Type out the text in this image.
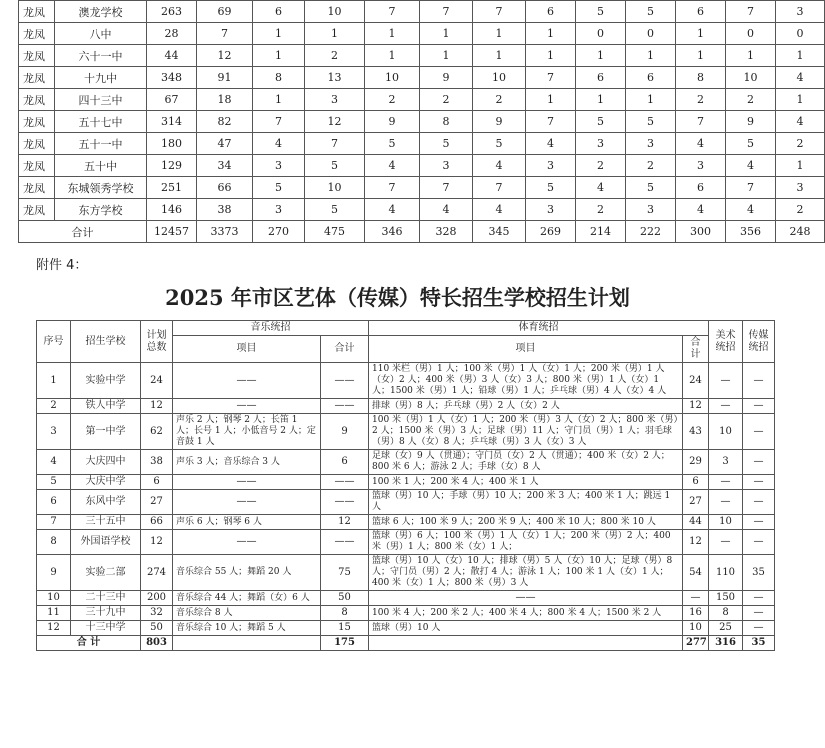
龙凤	澳龙学校	263	69	6	10	7	7	7	6	5	5	6	7	3
龙凤	八中	28	7	1	1	1	1	1	1	0	0	1	0	0
龙凤	六十一中	44	12	1	2	1	1	1	1	1	1	1	1	1
龙凤	十九中	348	91	8	13	10	9	10	7	6	6	8	10	4
龙凤	四十三中	67	18	1	3	2	2	2	1	1	1	2	2	1
龙凤	五十七中	314	82	7	12	9	8	9	7	5	5	7	9	4
龙凤	五十一中	180	47	4	7	5	5	5	4	3	3	4	5	2
龙凤	五十中	129	34	3	5	4	3	4	3	2	2	3	4	1
龙凤	东城领秀学校	251	66	5	10	7	7	7	5	4	5	6	7	3
龙凤	东方学校	146	38	3	5	4	4	4	3	2	3	4	4	2
合计		12457	3373	270	475	346	328	345	269	214	222	300	356	248
附件 4：
2025 年市区艺体（传媒）特长招生学校招生计划
序号	招生学校	计划总数	音乐统招		体育统招		美术统招	传媒统招
			项目	合计	项目	合计		
1	实验中学	24	——	——	110 米栏（男）1 人；100 米（男）1 人（女）1 人；200 米（男）1 人（女）2 人；400 米（男）3 人（女）3 人；800 米（男）1 人（女）1 人；1500 米（男）1 人；铅球（男）1 人；乒乓球（男）4 人（女）4 人	24	—	—
2	铁人中学	12	——	——	排球（男）8 人；乒乓球（男）2 人（女）2 人	12	—	—
3	第一中学	62	声乐 2 人；钢琴 2 人；长笛 1 人；长号 1 人；小低音号 2 人；定音鼓 1 人	9	100 米（男）1 人（女）1 人；200 米（男）3 人（女）2 人；800 米（男）2 人；1500 米（男）3 人；足球（男）11 人；守门员（男）1 人；羽毛球（男）8 人（女）8 人；乒乓球（男）3 人（女）3 人	43	10	—
4	大庆四中	38	声乐 3 人；音乐综合 3 人	6	足球（女）9 人（贯通）；守门员（女）2 人（贯通）；400 米（女）2 人；800 米 6 人；游泳 2 人；手球（女）8 人	29	3	—
5	大庆中学	6	——	——	100 米 1 人；200 米 4 人；400 米 1 人	6	—	—
6	东风中学	27	——	——	篮球（男）10 人；手球（男）10 人；200 米 3 人；400 米 1 人；跳远 1 人	27	—	—
7	三十五中	66	声乐 6 人；钢琴 6 人	12	篮球 6 人；100 米 9 人；200 米 9 人；400 米 10 人；800 米 10 人	44	10	—
8	外国语学校	12	——	——	篮球（男）6 人；100 米（男）1 人（女）1 人；200 米（男）2 人；400 米（男）1 人；800 米（女）1 人；	12	—	—
9	实验二部	274	音乐综合 55 人；舞蹈 20 人	75	篮球（男）10 人（女）10 人；排球（男）5 人（女）10 人；足球（男）8 人；守门员（男）2 人；散打 4 人；游泳 1 人；100 米 1 人（女）1 人；400 米（女）1 人；800 米（男）3 人	54	110	35
10	二十三中	200	音乐综合 44 人；舞蹈（女）6 人	50	——	—	150	—
11	三十九中	32	音乐综合 8 人	8	100 米 4 人；200 米 2 人；400 米 4 人；800 米 4 人；1500 米 2 人	16	8	—
12	十三中学	50	音乐综合 10 人；舞蹈 5 人	15	篮球（男）10 人	10	25	—
合 计		803		175		277	316	35
